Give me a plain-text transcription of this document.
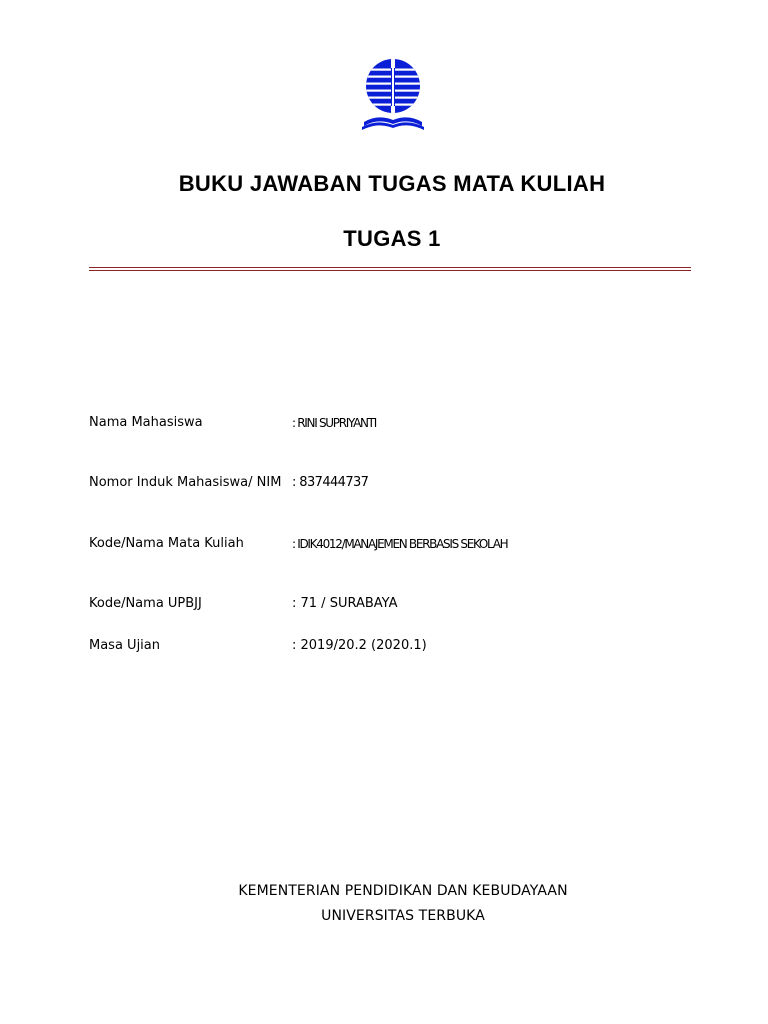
BUKU JAWABAN TUGAS MATA KULIAH
TUGAS 1
Nama Mahasiswa	: RINI SUPRIYANTI
Nomor Induk Mahasiswa/ NIM : 837444737
Kode/Nama Mata Kuliah	: IDIK4012/MANAJEMEN BERBASIS SEKOLAH
Kode/Nama UPBJJ	: 71 / SURABAYA
Masa Ujian	: 2019/20.2 (2020.1)
KEMENTERIAN PENDIDIKAN DAN KEBUDAYAAN
UNIVERSITAS TERBUKA
